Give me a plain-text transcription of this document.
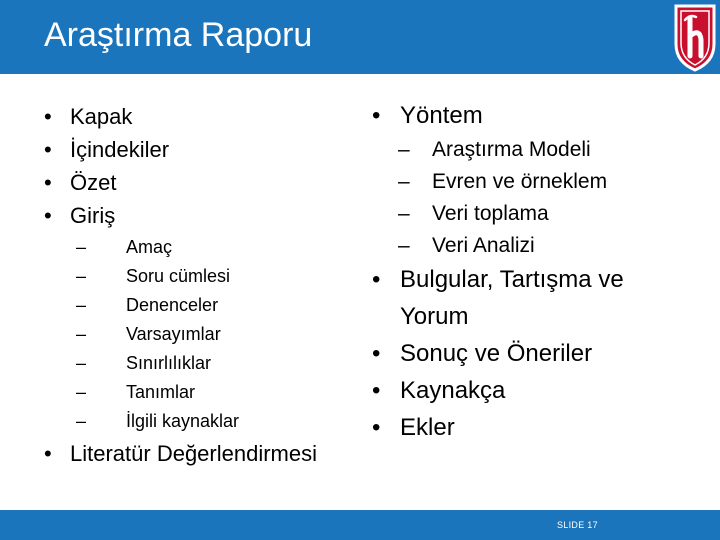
Araştırma Raporu
• Kapak
• İçindekiler
• Özet
• Giriş
– Amaç
– Soru cümlesi
– Denenceler
– Varsayımlar
– Sınırlılıklar
– Tanımlar
– İlgili kaynaklar
• Literatür Değerlendirmesi
• Yöntem
– Araştırma Modeli
– Evren ve örneklem
– Veri toplama
– Veri Analizi
• Bulgular, Tartışma ve
Yorum
• Sonuç ve Öneriler
• Kaynakça
• Ekler
SLIDE 17
